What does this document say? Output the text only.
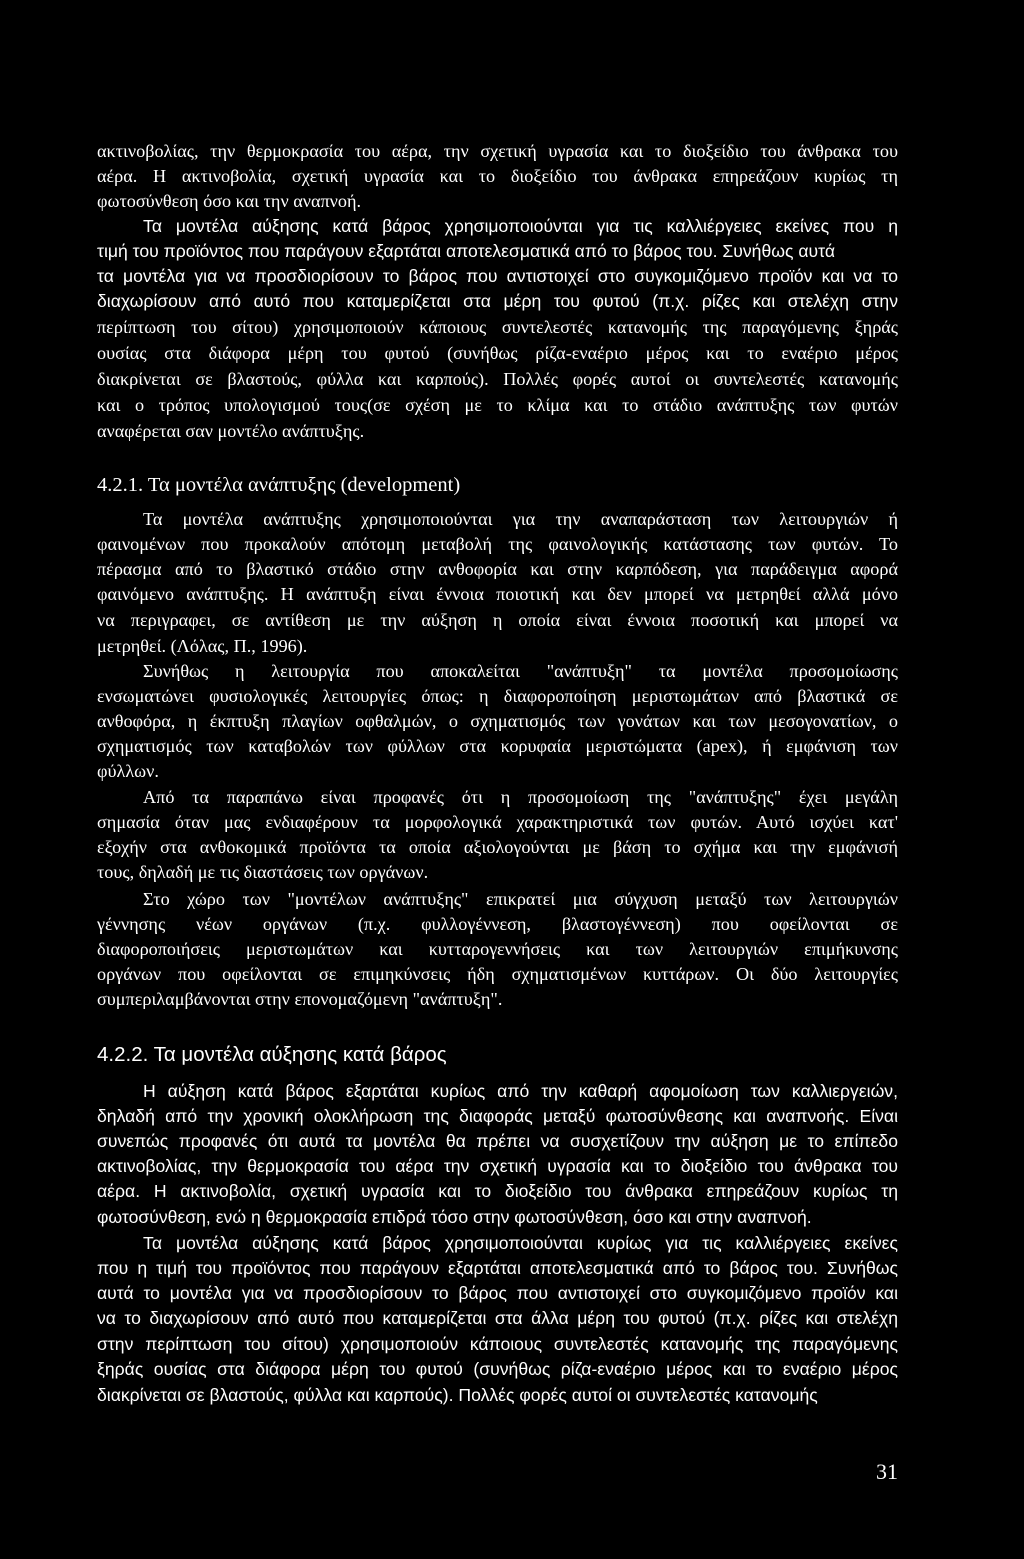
ακτινοβολίας, την θερμοκρασία του αέρα, την σχετική υγρασία και το διοξείδιο του άνθρακα του
αέρα. Η ακτινοβολία, σχετική υγρασία και το διοξείδιο του άνθρακα επηρεάζουν κυρίως τη
φωτοσύνθεση όσο και την αναπνοή.
Τα μοντέλα αύξησης κατά βάρος χρησιμοποιούνται για τις καλλιέργειες εκείνες που η
τιμή του προϊόντος που παράγουν εξαρτάται αποτελεσματικά από το βάρος του. Συνήθως αυτά
τα μοντέλα για να προσδιορίσουν το βάρος που αντιστοιχεί στο συγκομιζόμενο προϊόν και να το
διαχωρίσουν από αυτό που καταμερίζεται στα μέρη του φυτού (π.χ. ρίζες και στελέχη στην
περίπτωση του σίτου) χρησιμοποιούν κάποιους συντελεστές κατανομής της παραγόμενης ξηράς
ουσίας στα διάφορα μέρη του φυτού (συνήθως ρίζα-εναέριο μέρος και το εναέριο μέρος
διακρίνεται σε βλαστούς, φύλλα και καρπούς). Πολλές φορές αυτοί οι συντελεστές κατανομής
και ο τρόπος υπολογισμού τους(σε σχέση με το κλίμα και το στάδιο ανάπτυξης των φυτών
αναφέρεται σαν μοντέλο ανάπτυξης.
4.2.1. Τα μοντέλα ανάπτυξης (development)
Τα μοντέλα ανάπτυξης χρησιμοποιούνται για την αναπαράσταση των λειτουργιών ή
φαινομένων που προκαλούν απότομη μεταβολή της φαινολογικής κατάστασης των φυτών. Το
πέρασμα από το βλαστικό στάδιο στην ανθοφορία και στην καρπόδεση, για παράδειγμα αφορά
φαινόμενο ανάπτυξης. Η ανάπτυξη είναι έννοια ποιοτική και δεν μπορεί να μετρηθεί αλλά μόνο
να περιγραφει, σε αντίθεση με την αύξηση η οποία είναι έννοια ποσοτική και μπορεί να
μετρηθεί. (Λόλας, Π., 1996).
Συνήθως η λειτουργία που αποκαλείται "ανάπτυξη" τα μοντέλα προσομοίωσης
ενσωματώνει φυσιολογικές λειτουργίες όπως: η διαφοροποίηση μεριστωμάτων από βλαστικά σε
ανθοφόρα, η έκπτυξη πλαγίων οφθαλμών, ο σχηματισμός των γονάτων και των μεσογονατίων, ο
σχηματισμός των καταβολών των φύλλων στα κορυφαία μεριστώματα (apex), ή εμφάνιση των
φύλλων.
Από τα παραπάνω είναι προφανές ότι η προσομοίωση της "ανάπτυξης" έχει μεγάλη
σημασία όταν μας ενδιαφέρουν τα μορφολογικά χαρακτηριστικά των φυτών. Αυτό ισχύει κατ'
εξοχήν στα ανθοκομικά προϊόντα τα οποία αξιολογούνται με βάση το σχήμα και την εμφάνισή
τους, δηλαδή με τις διαστάσεις των οργάνων.
Στο χώρο των "μοντέλων ανάπτυξης" επικρατεί μια σύγχυση μεταξύ των λειτουργιών
γέννησης νέων οργάνων (π.χ. φυλλογέννεση, βλαστογέννεση) που οφείλονται σε
διαφοροποιήσεις μεριστωμάτων και κυτταρογεννήσεις και των λειτουργιών επιμήκυνσης
οργάνων που οφείλονται σε επιμηκύνσεις ήδη σχηματισμένων κυττάρων. Οι δύο λειτουργίες
συμπεριλαμβάνονται στην επονομαζόμενη "ανάπτυξη".
4.2.2. Τα μοντέλα αύξησης κατά βάρος
Η αύξηση κατά βάρος εξαρτάται κυρίως από την καθαρή αφομοίωση των καλλιεργειών,
δηλαδή από την χρονική ολοκλήρωση της διαφοράς μεταξύ φωτοσύνθεσης και αναπνοής. Είναι
συνεπώς προφανές ότι αυτά τα μοντέλα θα πρέπει να συσχετίζουν την αύξηση με το επίπεδο
ακτινοβολίας, την θερμοκρασία του αέρα την σχετική υγρασία και το διοξείδιο του άνθρακα του
αέρα. Η ακτινοβολία, σχετική υγρασία και το διοξείδιο του άνθρακα επηρεάζουν κυρίως τη
φωτοσύνθεση, ενώ η θερμοκρασία επιδρά τόσο στην φωτοσύνθεση, όσο και στην αναπνοή.
Τα μοντέλα αύξησης κατά βάρος χρησιμοποιούνται κυρίως για τις καλλιέργειες εκείνες
που η τιμή του προϊόντος που παράγουν εξαρτάται αποτελεσματικά από το βάρος του. Συνήθως
αυτά το μοντέλα για να προσδιορίσουν το βάρος που αντιστοιχεί στο συγκομιζόμενο προϊόν και
να το διαχωρίσουν από αυτό που καταμερίζεται στα άλλα μέρη του φυτού (π.χ. ρίζες και στελέχη
στην περίπτωση του σίτου) χρησιμοποιούν κάποιους συντελεστές κατανομής της παραγόμενης
ξηράς ουσίας στα διάφορα μέρη του φυτού (συνήθως ρίζα-εναέριο μέρος και το εναέριο μέρος
διακρίνεται σε βλαστούς, φύλλα και καρπούς). Πολλές φορές αυτοί οι συντελεστές κατανομής
31
